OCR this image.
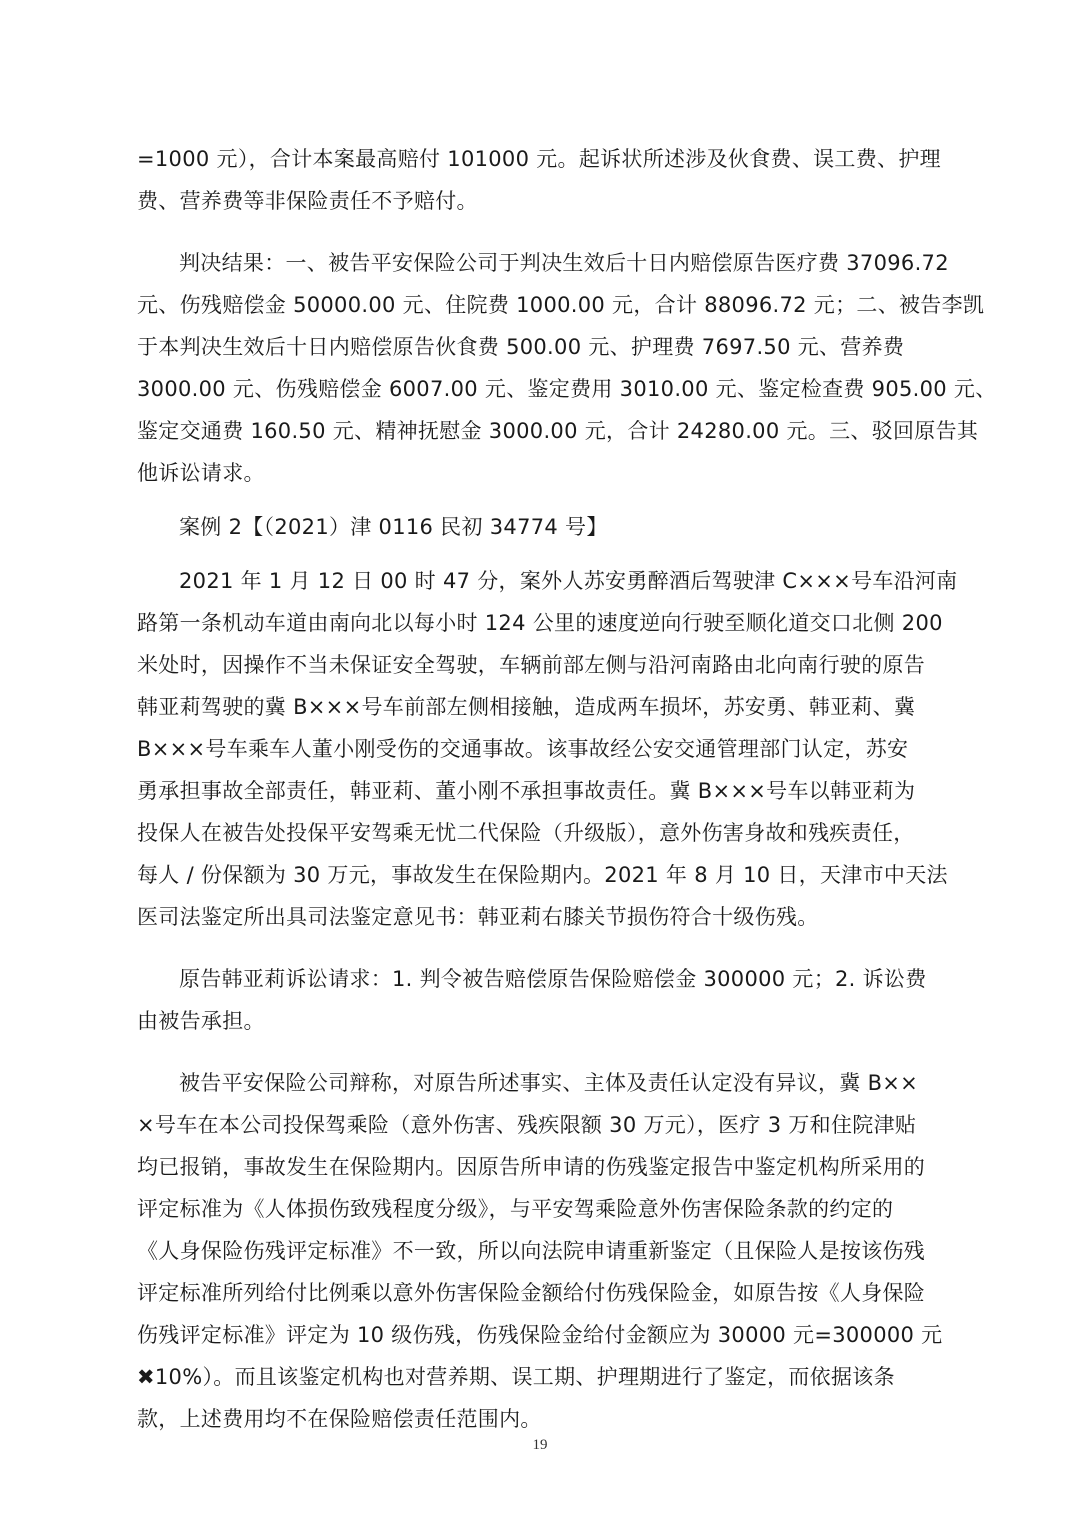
=1000 元），合计本案最高赔付 101000 元。起诉状所述涉及伙食费、误工费、护理
费、营养费等非保险责任不予赔付。
判决结果：一、被告平安保险公司于判决生效后十日内赔偿原告医疗费 37096.72
元、伤残赔偿金 50000.00 元、住院费 1000.00 元，合计 88096.72 元；二、被告李凯
于本判决生效后十日内赔偿原告伙食费 500.00 元、护理费 7697.50 元、营养费
3000.00 元、伤残赔偿金 6007.00 元、鉴定费用 3010.00 元、鉴定检查费 905.00 元、
鉴定交通费 160.50 元、精神抚慰金 3000.00 元，合计 24280.00 元。三、驳回原告其
他诉讼请求。
案例 2【（2021）津 0116 民初 34774 号】
2021 年 1 月 12 日 00 时 47 分，案外人苏安勇醉酒后驾驶津 C×××号车沿河南
路第一条机动车道由南向北以每小时 124 公里的速度逆向行驶至顺化道交口北侧 200
米处时，因操作不当未保证安全驾驶，车辆前部左侧与沿河南路由北向南行驶的原告
韩亚莉驾驶的冀 B×××号车前部左侧相接触，造成两车损坏，苏安勇、韩亚莉、冀
B×××号车乘车人董小刚受伤的交通事故。该事故经公安交通管理部门认定，苏安
勇承担事故全部责任，韩亚莉、董小刚不承担事故责任。冀 B×××号车以韩亚莉为
投保人在被告处投保平安驾乘无忧二代保险（升级版），意外伤害身故和残疾责任，
每人 / 份保额为 30 万元，事故发生在保险期内。2021 年 8 月 10 日，天津市中天法
医司法鉴定所出具司法鉴定意见书：韩亚莉右膝关节损伤符合十级伤残。
原告韩亚莉诉讼请求：1. 判令被告赔偿原告保险赔偿金 300000 元；2. 诉讼费
由被告承担。
被告平安保险公司辩称，对原告所述事实、主体及责任认定没有异议，冀 B××
×号车在本公司投保驾乘险（意外伤害、残疾限额 30 万元），医疗 3 万和住院津贴
均已报销，事故发生在保险期内。因原告所申请的伤残鉴定报告中鉴定机构所采用的
评定标准为《人体损伤致残程度分级》，与平安驾乘险意外伤害保险条款的约定的
《人身保险伤残评定标准》不一致，所以向法院申请重新鉴定（且保险人是按该伤残
评定标准所列给付比例乘以意外伤害保险金额给付伤残保险金，如原告按《人身保险
伤残评定标准》评定为 10 级伤残，伤残保险金给付金额应为 30000 元=300000 元
✖10%）。而且该鉴定机构也对营养期、误工期、护理期进行了鉴定，而依据该条
款，上述费用均不在保险赔偿责任范围内。
19
